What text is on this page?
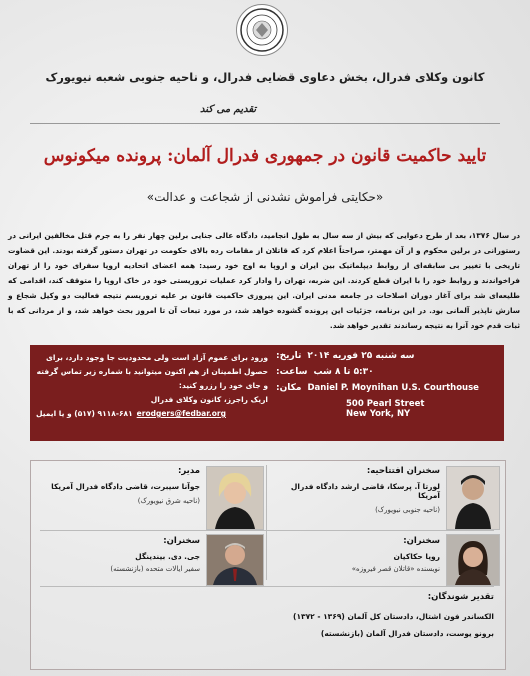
کانون وکلای فدرال، بخش دعاوی قضایی فدرال، و ناحیه جنوبی شعبه نیویورک
تقدیم می کند
تایید حاکمیت قانون در جمهوری فدرال آلمان: پرونده میکونوس
«حکایتی فراموش نشدنی از شجاعت و عدالت»
در سال ۱۳۷۶، بعد از طرح دعوایی که بیش از سه سال به طول انجامید، دادگاه عالی جنایی برلین چهار نفر را به جرم قتل مخالفین ایرانی در رستورانی در برلین محکوم و از آن مهمتر، صراحتاً اعلام کرد که قاتلان از مقامات رده بالای حکومت در تهران دستور گرفته بودند. این قضاوت تاریخی با تغییر بی سابقه‌ای از روابط دیپلماتیک بین ایران و اروپا به اوج خود رسید: همه اعضای اتحادیه اروپا سفرای خود را از تهران فراخواندند و روابط خود را با ایران قطع کردند. این ضربه، تهران را وادار کرد عملیات تروریستی خود در خاک اروپا را متوقف کند، اقدامی که طلیعه‌ای شد برای آغاز دوران اصلاحات در جامعه مدنی ایران. این پیروزی حاکمیت قانون بر علیه تروریسم نتیجه فعالیت دو وکیل شجاع و سازش ناپذیر آلمانی بود. در این برنامه، جزئیات این پرونده گشوده خواهد شد، در مورد تبعات آن تا امروز بحث خواهد شد، و از مردانی که با ثبات قدم خود آنرا به نتیجه رساندند تقدیر خواهد شد.
تاریخ: سه شنبه ۲۵ فوریه ۲۰۱۴
ساعت: ۵:۳۰ تا ۸ شب
مکان: Daniel P. Moynihan U.S. Courthouse
500 Pearl Street
New York, NY
ورود برای عموم آزاد است ولی محدودیت جا وجود دارد، برای حصول اطمینان از هم اکنون میتوانید با شماره زیر تماس گرفته و جای خود را رزرو کنید:
اریک راجرز، کانون وکلای فدرال
۹۱۱۸-۶۸۱ (۵۱۷) و یا ایمیل erodgers@fedbar.org
سخنران افتتاحیه:
لورتا آ. پرسکا، قاضی ارشد دادگاه فدرال آمریکا
(ناحیه جنوبی نیویورک)
مدیر:
جوآنا سیبرت، قاضی دادگاه فدرال آمریکا
(ناحیه شرق نیویورک)
سخنران:
رویا حکاکیان
نویسنده «قاتلان قصر فیروزه»
سخنران:
جی. دی. بیندینگل
سفیر ایالات متحده (بازنشسته)
تقدیر شوندگان:
الکساندر فون اشتال، دادستان کل آلمان (۱۳۶۹ - ۱۳۷۲)
برونو یوست، دادستان فدرال آلمان (بازنشسته)
